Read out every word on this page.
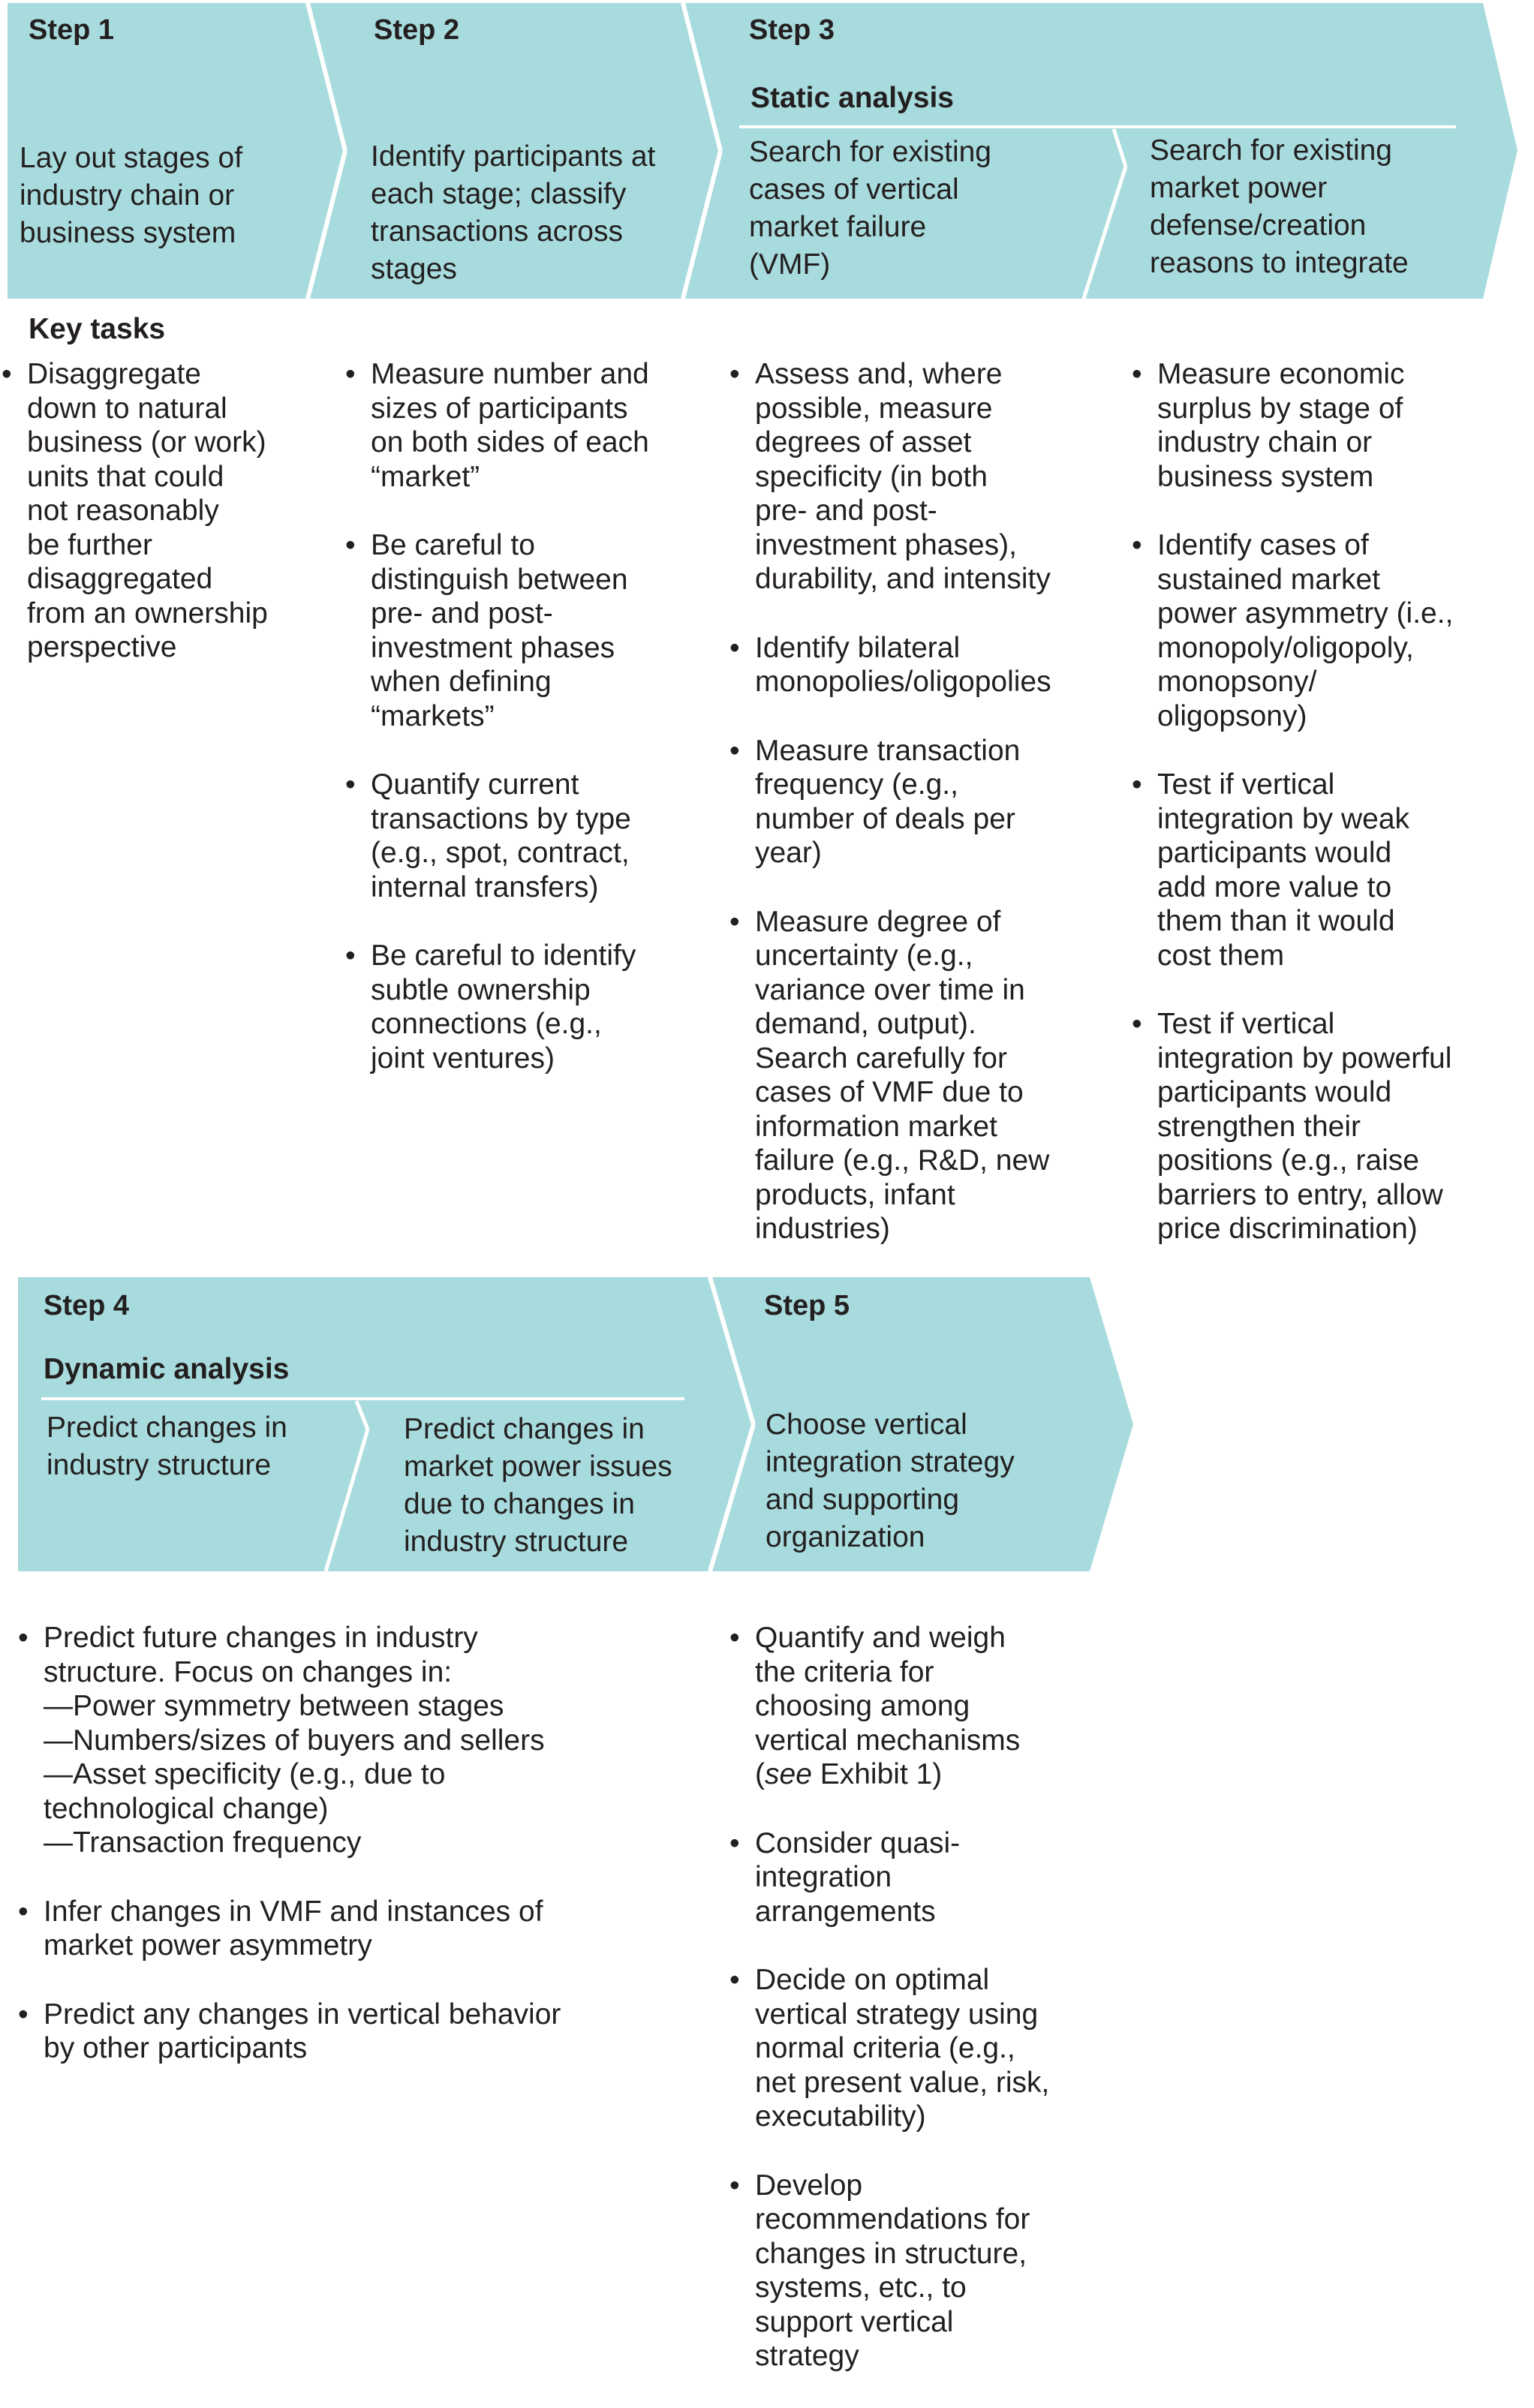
Step 1
Lay out stages of
industry chain or
business system
Key tasks
• Disaggregate
down to natural
business (or work)
units that could
not reasonably
be further
disaggregated
from an ownership
perspective
Step 2
Identify participants at
each stage; classify
transactions across
stages
• Measure number and
sizes of participants
on both sides of each
“market”
• Be careful to
distinguish between
pre- and post-
investment phases
when defining
“markets”
• Quantify current
transactions by type
(e.g., spot, contract,
internal transfers)
• Be careful to identify
subtle ownership
connections (e.g.,
joint ventures)
Step 3
Static analysis
Search for existing
cases of vertical
market failure
(VMF)
Search for existing
market power
defense/creation
reasons to integrate
• Assess and, where
possible, measure
degrees of asset
specificity (in both
pre- and post-
investment phases),
durability, and intensity
• Identify bilateral
monopolies/oligopolies
• Measure transaction
frequency (e.g.,
number of deals per
year)
• Measure degree of
uncertainty (e.g.,
variance over time in
demand, output).
Search carefully for
cases of VMF due to
information market
failure (e.g., R&D, new
products, infant
industries)
• Measure economic
surplus by stage of
industry chain or
business system
• Identify cases of
sustained market
power asymmetry (i.e.,
monopoly/oligopoly,
monopsony/
oligopsony)
• Test if vertical
integration by weak
participants would
add more value to
them than it would
cost them
• Test if vertical
integration by powerful
participants would
strengthen their
positions (e.g., raise
barriers to entry, allow
price discrimination)
Step 4
Dynamic analysis
Predict changes in
industry structure
Predict changes in
market power issues
due to changes in
industry structure
• Predict future changes in industry
structure. Focus on changes in:
—Power symmetry between stages
—Numbers/sizes of buyers and sellers
—Asset specificity (e.g., due to
technological change)
—Transaction frequency
• Infer changes in VMF and instances of
market power asymmetry
• Predict any changes in vertical behavior
by other participants
Step 5
Choose vertical
integration strategy
and supporting
organization
• Quantify and weigh
the criteria for
choosing among
vertical mechanisms
(see Exhibit 1)
• Consider quasi-
integration
arrangements
• Decide on optimal
vertical strategy using
normal criteria (e.g.,
net present value, risk,
executability)
• Develop
recommendations for
changes in structure,
systems, etc., to
support vertical
strategy
